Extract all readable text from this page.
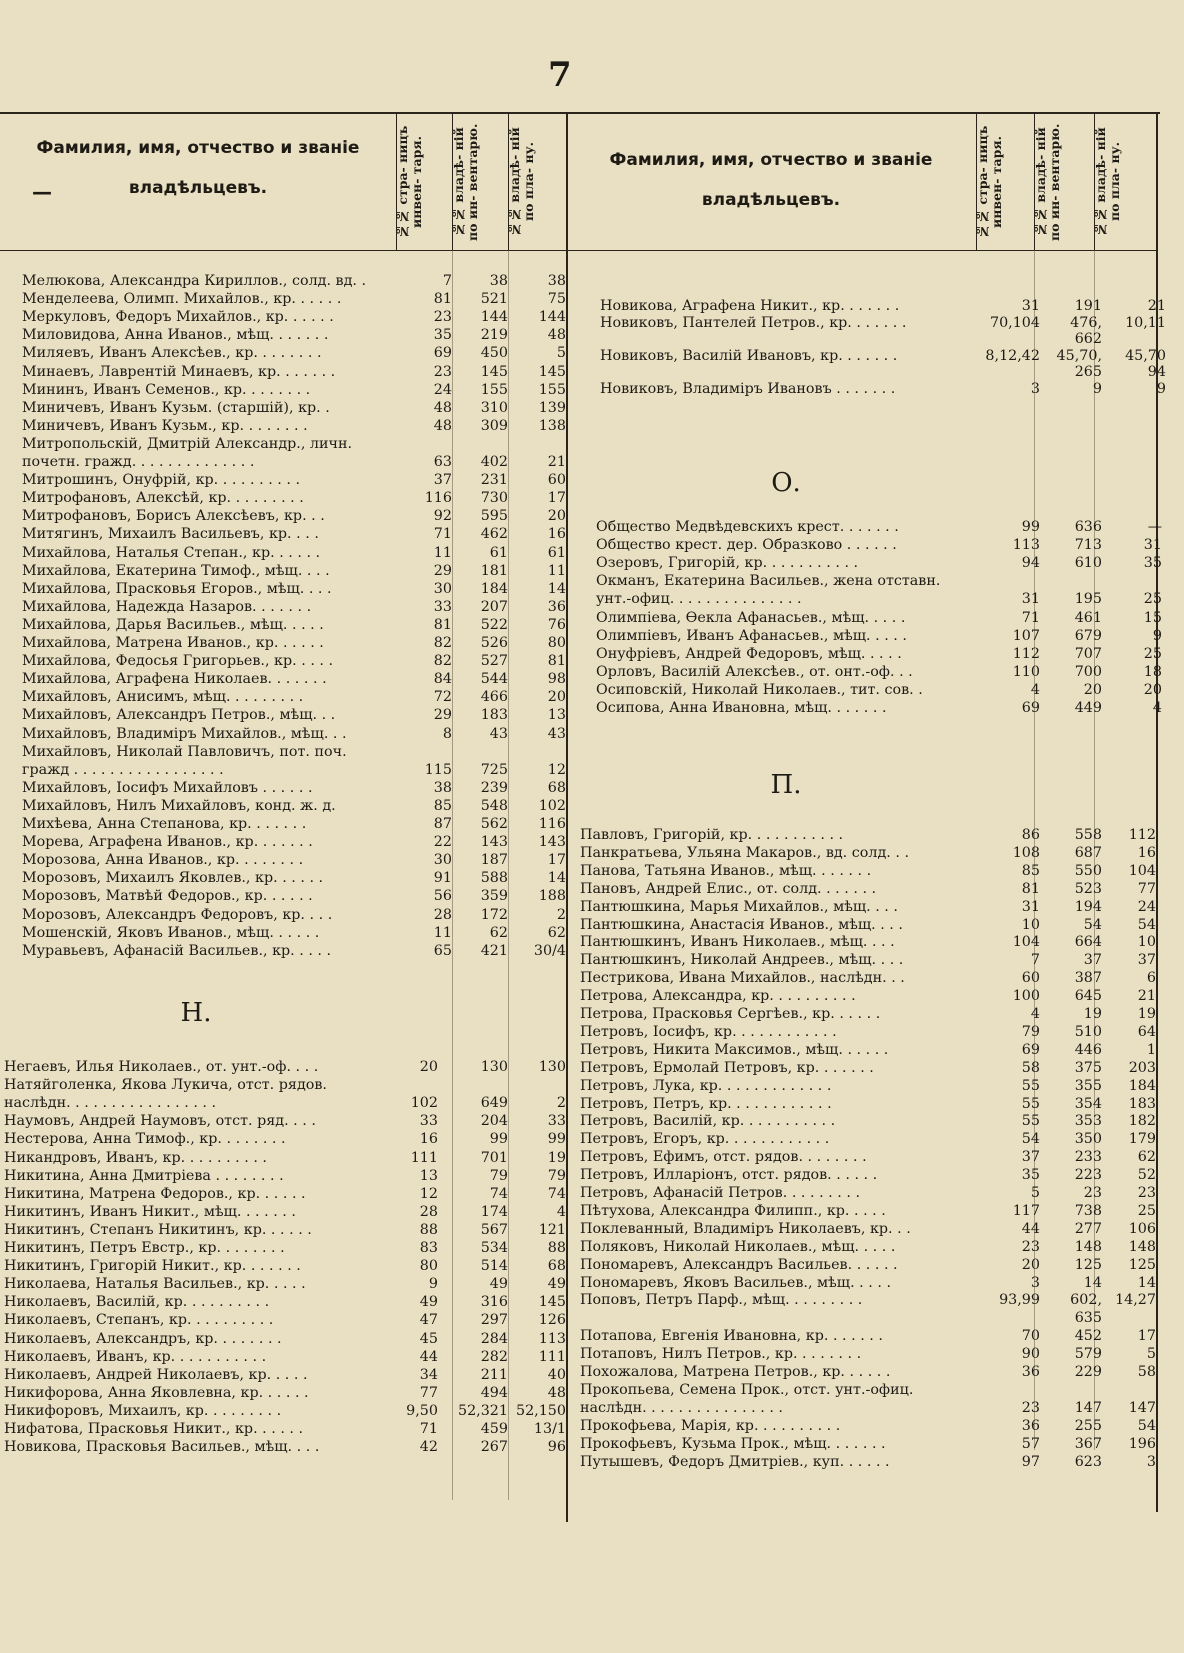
7
Фамилия, имя, отчество и званіе
владѣльцевъ.
—	№№ стра- ницъ инвен- таря.	№№ владѣ- ній по ин- вентарю.	№№ владѣ- ній по пла- ну.	Фамилия, имя, отчество и званіе
владѣльцевъ.	№№ стра- ницъ инвен- таря.	№№ владѣ- ній по ин- вентарю.	№№ владѣ- ній по пла- ну.
Мелюкова, Александра Кириллов., солд. вд. .	7	38	38
Менделеева, Олимп. Михайлов., кр. . . . . .	81	521	75
Меркуловъ, Федоръ Михайлов., кр. . . . . .	23	144	144
Миловидова, Анна Иванов., мѣщ. . . . . . .	35	219	48
Миляевъ, Иванъ Алексѣев., кр. . . . . . . .	69	450	5
Минаевъ, Лаврентій Минаевъ, кр. . . . . . .	23	145	145
Мининъ, Иванъ Семенов., кр. . . . . . . .	24	155	155
Миничевъ, Иванъ Кузьм. (старшій), кр. .	48	310	139
Миничевъ, Иванъ Кузьм., кр. . . . . . . .	48	309	138
Митропольскій, Дмитрій Александр., личн.
почетн. гражд. . . . . . . . . . . . . .	63	402	21
Митрошинъ, Онуфрій, кр. . . . . . . . . .	37	231	60
Митрофановъ, Алексѣй, кр. . . . . . . . .	116	730	17
Митрофановъ, Борисъ Алексѣевъ, кр. . .	92	595	20
Митягинъ, Михаилъ Васильевъ, кр. . . .	71	462	16
Михайлова, Наталья Степан., кр. . . . . .	11	61	61
Михайлова, Екатерина Тимоф., мѣщ. . . .	29	181	11
Михайлова, Прасковья Егоров., мѣщ. . . .	30	184	14
Михайлова, Надежда Назаров. . . . . . .	33	207	36
Михайлова, Дарья Васильев., мѣщ. . . . .	81	522	76
Михайлова, Матрена Иванов., кр. . . . . .	82	526	80
Михайлова, Федосья Григорьев., кр. . . . .	82	527	81
Михайлова, Аграфена Николаев. . . . . . .	84	544	98
Михайловъ, Анисимъ, мѣщ. . . . . . . . .	72	466	20
Михайловъ, Александръ Петров., мѣщ. . .	29	183	13
Михайловъ, Владиміръ Михайлов., мѣщ. . .	8	43	43
Михайловъ, Николай Павловичъ, пот. поч.
гражд . . . . . . . . . . . . . . . . .	115	725	12
Михайловъ, Іосифъ Михайловъ . . . . . .	38	239	68
Михайловъ, Нилъ Михайловъ, конд. ж. д.	85	548	102
Михѣева, Анна Степанова, кр. . . . . . .	87	562	116
Морева, Аграфена Иванов., кр. . . . . . .	22	143	143
Морозова, Анна Иванов., кр. . . . . . . .	30	187	17
Морозовъ, Михаилъ Яковлев., кр. . . . . .	91	588	14
Морозовъ, Матвѣй Федоров., кр. . . . . .	56	359	188
Морозовъ, Александръ Федоровъ, кр. . . .	28	172	2
Мошенскій, Яковъ Иванов., мѣщ. . . . . .	11	62	62
Муравьевъ, Афанасій Васильев., кр. . . . .	65	421	30/4
Н.
Негаевъ, Илья Николаев., от. унт.-оф. . . .	20	130	130
Натяйголенка, Якова Лукича, отст. рядов.
наслѣдн. . . . . . . . . . . . . . . . .	102	649	2
Наумовъ, Андрей Наумовъ, отст. ряд. . . .	33	204	33
Нестерова, Анна Тимоф., кр. . . . . . . .	16	99	99
Никандровъ, Иванъ, кр. . . . . . . . . .	111	701	19
Никитина, Анна Дмитріева . . . . . . . .	13	79	79
Никитина, Матрена Федоров., кр. . . . . .	12	74	74
Никитинъ, Иванъ Никит., мѣщ. . . . . . .	28	174	4
Никитинъ, Степанъ Никитинъ, кр. . . . . .	88	567	121
Никитинъ, Петръ Евстр., кр. . . . . . . .	83	534	88
Никитинъ, Григорій Никит., кр. . . . . . .	80	514	68
Николаева, Наталья Васильев., кр. . . . .	9	49	49
Николаевъ, Василій, кр. . . . . . . . . .	49	316	145
Николаевъ, Степанъ, кр. . . . . . . . . .	47	297	126
Николаевъ, Александръ, кр. . . . . . . .	45	284	113
Николаевъ, Иванъ, кр. . . . . . . . . . .	44	282	111
Николаевъ, Андрей Николаевъ, кр. . . . .	34	211	40
Никифорова, Анна Яковлевна, кр. . . . . .	77	494	48
Никифоровъ, Михаилъ, кр. . . . . . . . .	9,50	52,321 52,150
Нифатова, Прасковья Никит., кр. . . . . .	71	459	13/1
Новикова, Прасковья Васильев., мѣщ. . . .	42	267	96
Новикова, Аграфена Никит., кр. . . . . . .	31	191	21
Новиковъ, Пантелей Петров., кр. . . . . . .	70,104	476,	10,11
662
Новиковъ, Василій Ивановъ, кр. . . . . . .	8,12,42	45,70,	45,70
265	94
Новиковъ, Владиміръ Ивановъ . . . . . . .	3	9	9
О.
Общество Медвѣдевскихъ крест. . . . . . .	99	636	—
Общество крест. дер. Образково . . . . . .	113	713	31
Озеровъ, Григорій, кр. . . . . . . . . . .	94	610	35
Окманъ, Екатерина Васильев., жена отставн.
унт.-офиц. . . . . . . . . . . . . . .	31	195	25
Олимпіева, Ѳекла Афанасьев., мѣщ. . . . .	71	461	15
Олимпіевъ, Иванъ Афанасьев., мѣщ. . . . .	107	679	9
Онуфріевъ, Андрей Федоровъ, мѣщ. . . . .	112	707	25
Орловъ, Василій Алексѣев., от. онт.-оф. . .	110	700	18
Осиповскій, Николай Николаев., тит. сов. .	4	20	20
Осипова, Анна Ивановна, мѣщ. . . . . . .	69	449	4
П.
Павловъ, Григорій, кр. . . . . . . . . . .	86	558	112
Панкратьева, Ульяна Макаров., вд. солд. . .	108	687	16
Панова, Татьяна Иванов., мѣщ. . . . . . .	85	550	104
Пановъ, Андрей Елис., от. солд. . . . . . .	81	523	77
Пантюшкина, Марья Михайлов., мѣщ. . . .	31	194	24
Пантюшкина, Анастасія Иванов., мѣщ. . . .	10	54	54
Пантюшкинъ, Иванъ Николаев., мѣщ. . . .	104	664	10
Пантюшкинъ, Николай Андреев., мѣщ. . . .	7	37	37
Пестрикова, Ивана Михайлов., наслѣдн. . .	60	387	6
Петрова, Александра, кр. . . . . . . . . .	100	645	21
Петрова, Прасковья Сергѣев., кр. . . . . .	4	19	19
Петровъ, Іосифъ, кр. . . . . . . . . . . .	79	510	64
Петровъ, Никита Максимов., мѣщ. . . . . .	69	446	1
Петровъ, Ермолай Петровъ, кр. . . . . . .	58	375	203
Петровъ, Лука, кр. . . . . . . . . . . . .	55	355	184
Петровъ, Петръ, кр. . . . . . . . . . . .	55	354	183
Петровъ, Василій, кр. . . . . . . . . . .	55	353	182
Петровъ, Егоръ, кр. . . . . . . . . . . .	54	350	179
Петровъ, Ефимъ, отст. рядов. . . . . . . .	37	233	62
Петровъ, Илларіонъ, отст. рядов. . . . . .	35	223	52
Петровъ, Афанасій Петров. . . . . . . . .	5	23	23
Пѣтухова, Александра Филипп., кр. . . . .	117	738	25
Поклеванный, Владиміръ Николаевъ, кр. . .	44	277	106
Поляковъ, Николай Николаев., мѣщ. . . . .	23	148	148
Пономаревъ, Александръ Васильев. . . . . .	20	125	125
Пономаревъ, Яковъ Васильев., мѣщ. . . . .	3	14	14
Поповъ, Петръ Парф., мѣщ. . . . . . . . .	93,99	602, 14,27
635
Потапова, Евгенія Ивановна, кр. . . . . . .	70	452	17
Потаповъ, Нилъ Петров., кр. . . . . . . .	90	579	5
Похожалова, Матрена Петров., кр. . . . . .	36	229	58
Прокопьева, Семена Прок., отст. унт.-офиц.
наслѣдн. . . . . . . . . . . . . . . .	23	147	147
Прокофьева, Марія, кр. . . . . . . . . .	36	255	54
Прокофьевъ, Кузьма Прок., мѣщ. . . . . . .	57	367	196
Путышевъ, Федоръ Дмитріев., куп. . . . . .	97	623	3
